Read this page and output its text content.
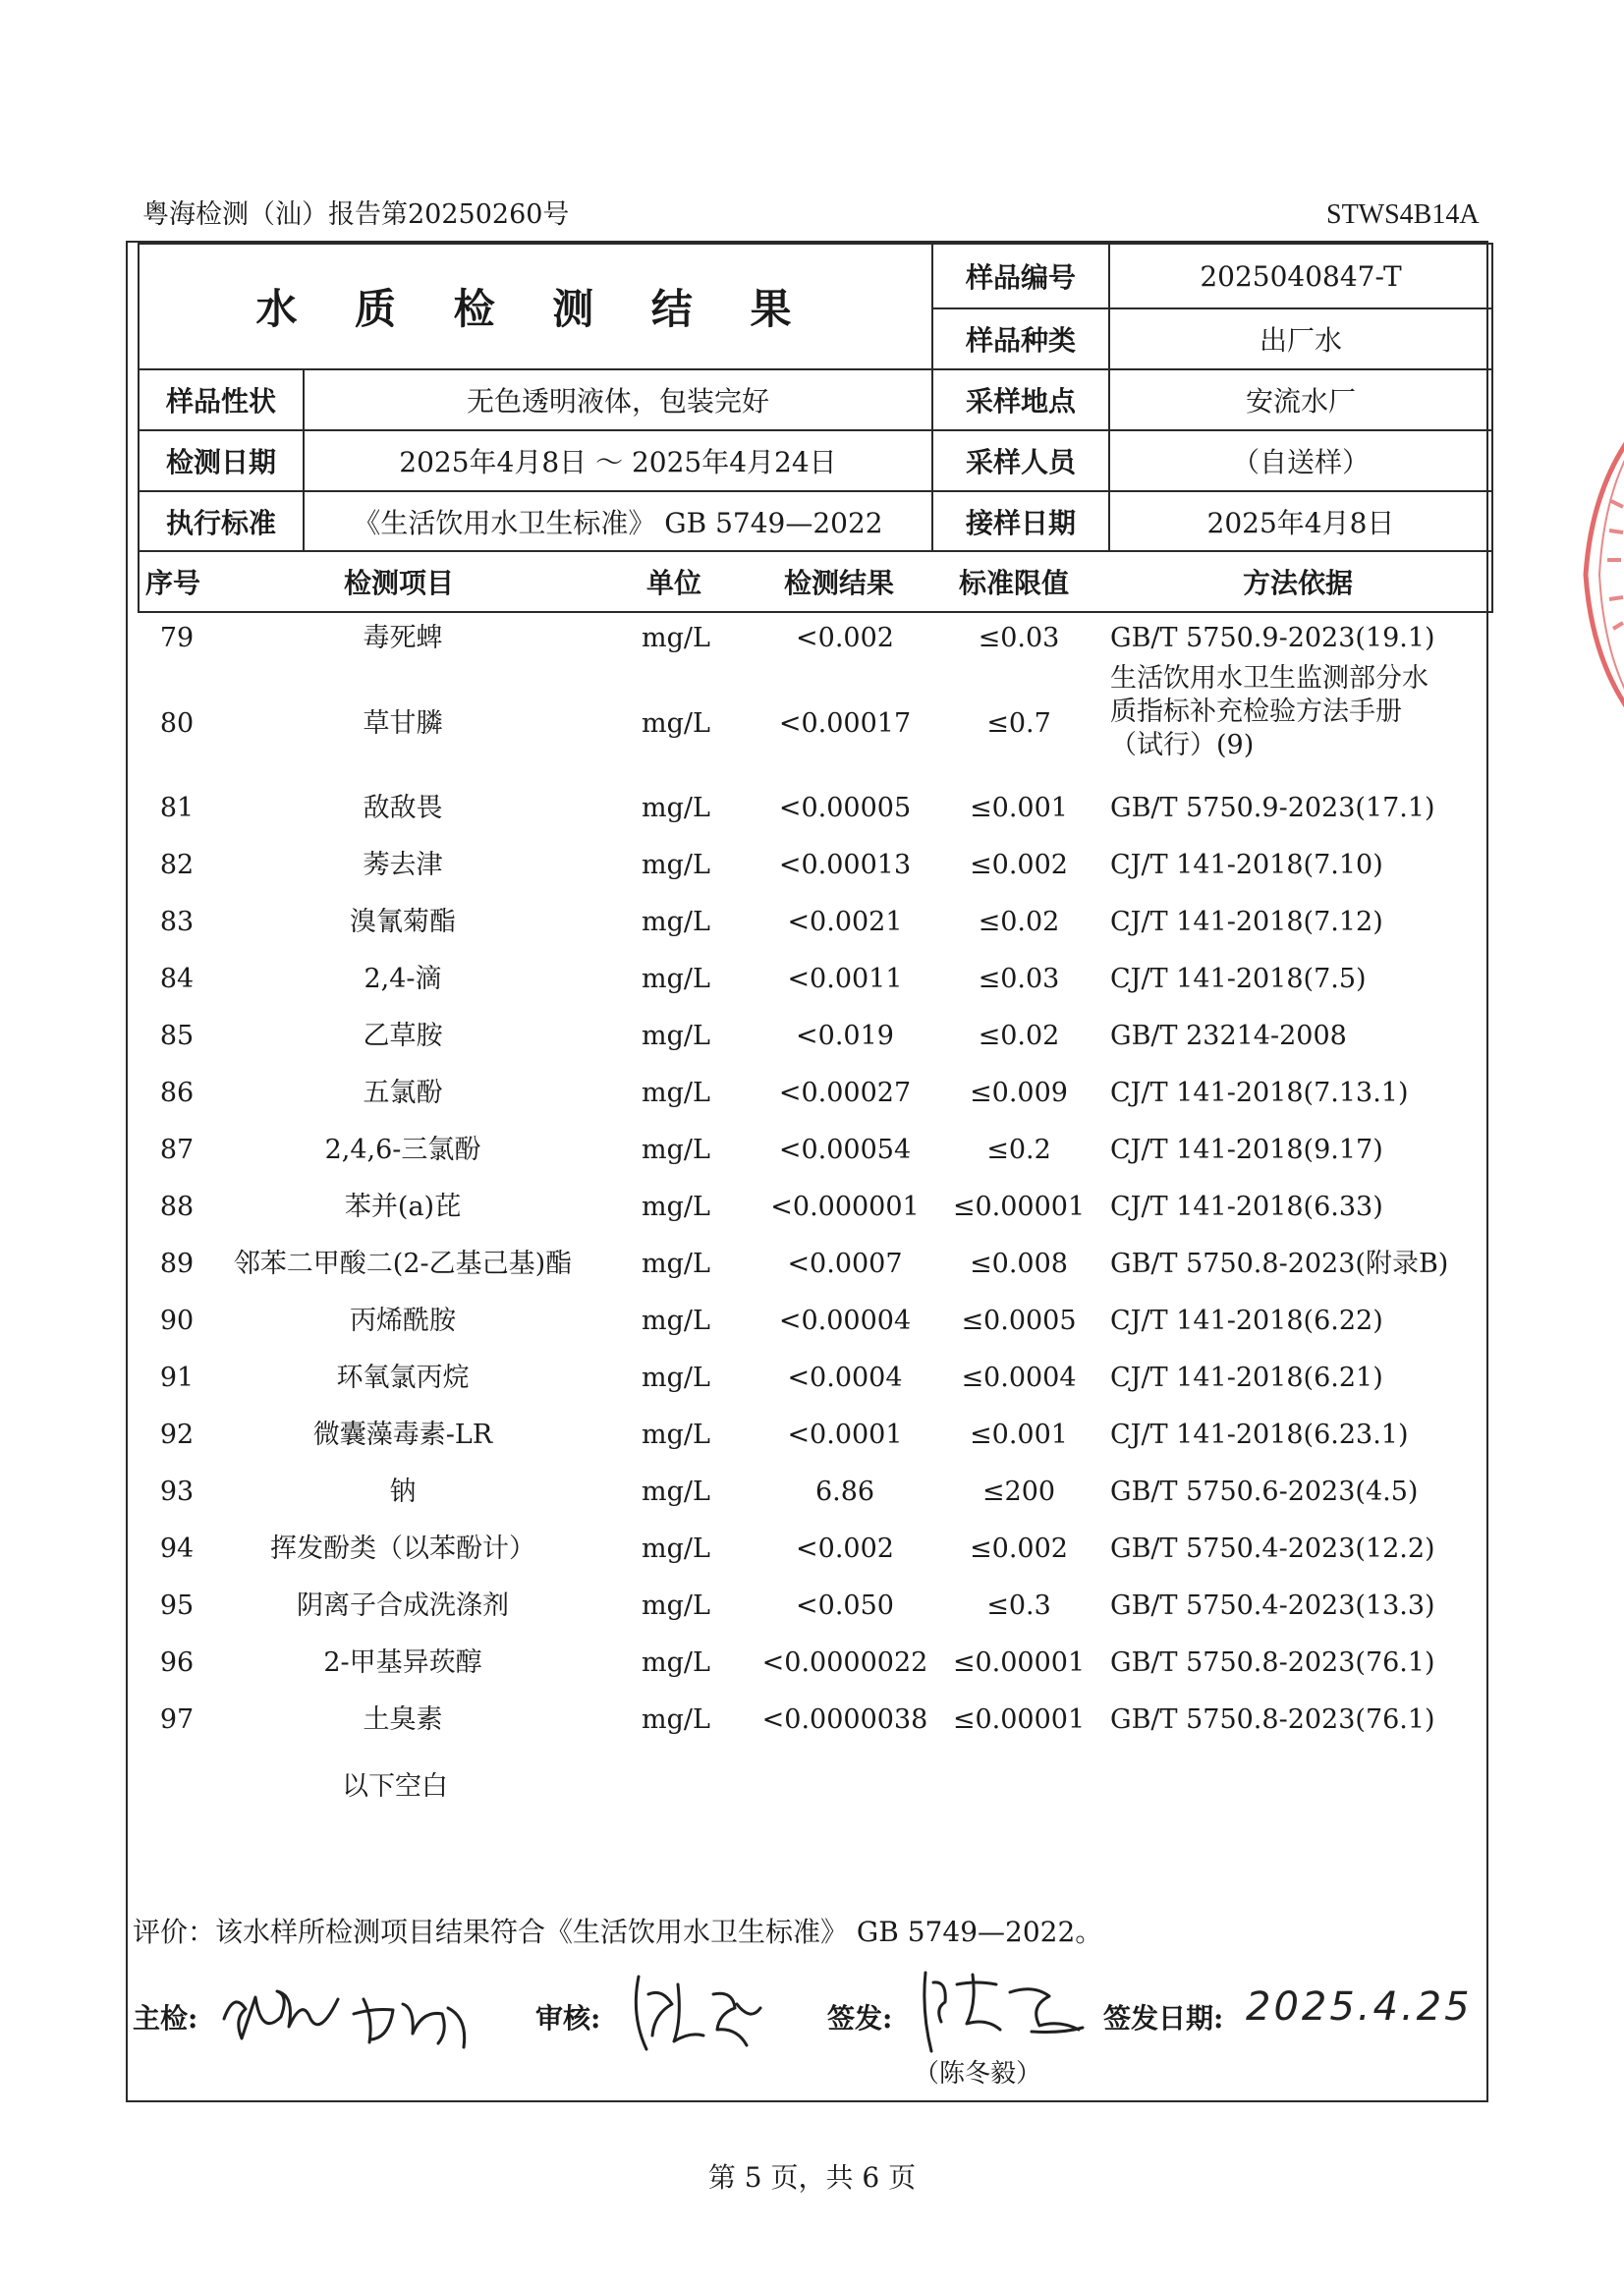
粤海检测（汕）报告第20250260号	STWS4B14A
水 质 检 测 结 果
样品编号	2025040847-T
样品种类	出厂水
样品性状	无色透明液体，包装完好	采样地点	安流水厂
检测日期	2025年4月8日 ～ 2025年4月24日	采样人员	（自送样）
执行标准	《生活饮用水卫生标准》 GB 5749—2022	接样日期	2025年4月8日
序号	检测项目	单位	检测结果 标准限值	方法依据
79	毒死蜱	mg/L	<0.002	≤0.03	GB/T 5750.9-2023(19.1)
80	草甘膦	mg/L	<0.00017	≤0.7
生活饮用水卫生监测部分水质指标补充检验方法手册（试行）(9)
81	敌敌畏	mg/L	<0.00005	≤0.001	GB/T 5750.9-2023(17.1)
82	莠去津	mg/L	<0.00013	≤0.002	CJ/T 141-2018(7.10)
83	溴氰菊酯	mg/L	<0.0021	≤0.02	CJ/T 141-2018(7.12)
84	2,4-滴	mg/L	<0.0011	≤0.03	CJ/T 141-2018(7.5)
85	乙草胺	mg/L	<0.019	≤0.02	GB/T 23214-2008
86	五氯酚	mg/L	<0.00027	≤0.009	CJ/T 141-2018(7.13.1)
87	2,4,6-三氯酚	mg/L	<0.00054	≤0.2	CJ/T 141-2018(9.17)
88	苯并(a)芘	mg/L	<0.000001	≤0.00001 CJ/T 141-2018(6.33)
89	邻苯二甲酸二(2-乙基己基)酯	mg/L	<0.0007	≤0.008	GB/T 5750.8-2023(附录B)
90	丙烯酰胺	mg/L	<0.00004	≤0.0005	CJ/T 141-2018(6.22)
91	环氧氯丙烷	mg/L	<0.0004	≤0.0004	CJ/T 141-2018(6.21)
92	微囊藻毒素-LR	mg/L	<0.0001	≤0.001	CJ/T 141-2018(6.23.1)
93	钠	mg/L	6.86	≤200	GB/T 5750.6-2023(4.5)
94	挥发酚类（以苯酚计）	mg/L	<0.002	≤0.002	GB/T 5750.4-2023(12.2)
95	阴离子合成洗涤剂	mg/L	<0.050	≤0.3	GB/T 5750.4-2023(13.3)
96	2-甲基异莰醇	mg/L	<0.0000022 ≤0.00001 GB/T 5750.8-2023(76.1)
97	土臭素	mg/L	<0.0000038 ≤0.00001 GB/T 5750.8-2023(76.1)
以下空白
评价：该水样所检测项目结果符合《生活饮用水卫生标准》 GB 5749—2022。
主检:	审核:	签发:
（陈冬毅）
签发日期: 2025.4.25
第 5 页，共 6 页
